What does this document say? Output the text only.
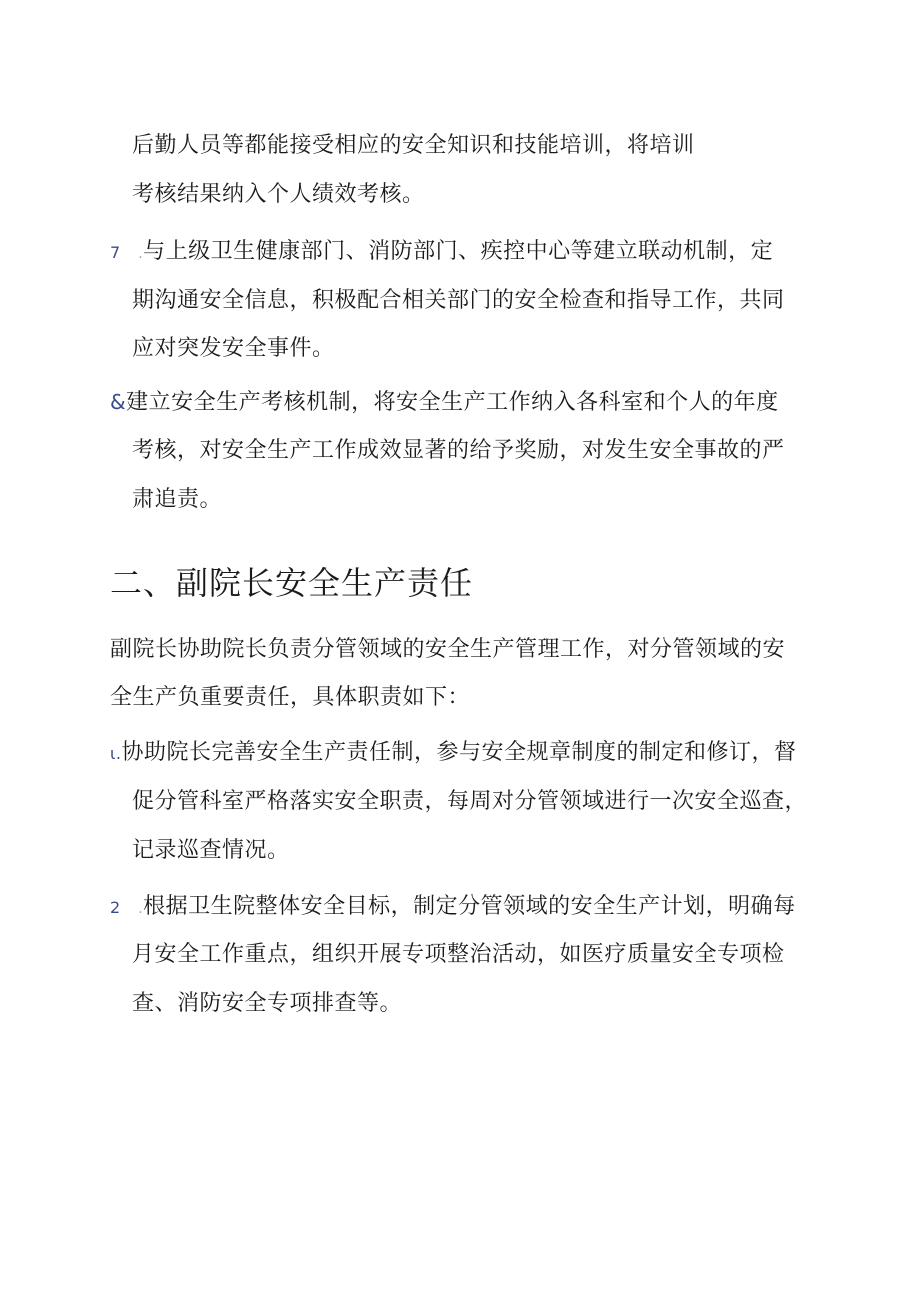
后勤人员等都能接受相应的安全知识和技能培训，将培训
考核结果纳入个人绩效考核。
7 .与上级卫生健康部门、消防部门、疾控中心等建立联动机制，定
期沟通安全信息，积极配合相关部门的安全检查和指导工作，共同
应对突发安全事件。
&建立安全生产考核机制，将安全生产工作纳入各科室和个人的年度
考核，对安全生产工作成效显著的给予奖励，对发生安全事故的严
肃追责。
二、副院长安全生产责任
副院长协助院长负责分管领域的安全生产管理工作，对分管领域的安
全生产负重要责任，具体职责如下：
ι.协助院长完善安全生产责任制，参与安全规章制度的制定和修订，督
促分管科室严格落实安全职责，每周对分管领域进行一次安全巡查，
记录巡查情况。
2 .根据卫生院整体安全目标，制定分管领域的安全生产计划，明确每
月安全工作重点，组织开展专项整治活动，如医疗质量安全专项检
查、消防安全专项排查等。
